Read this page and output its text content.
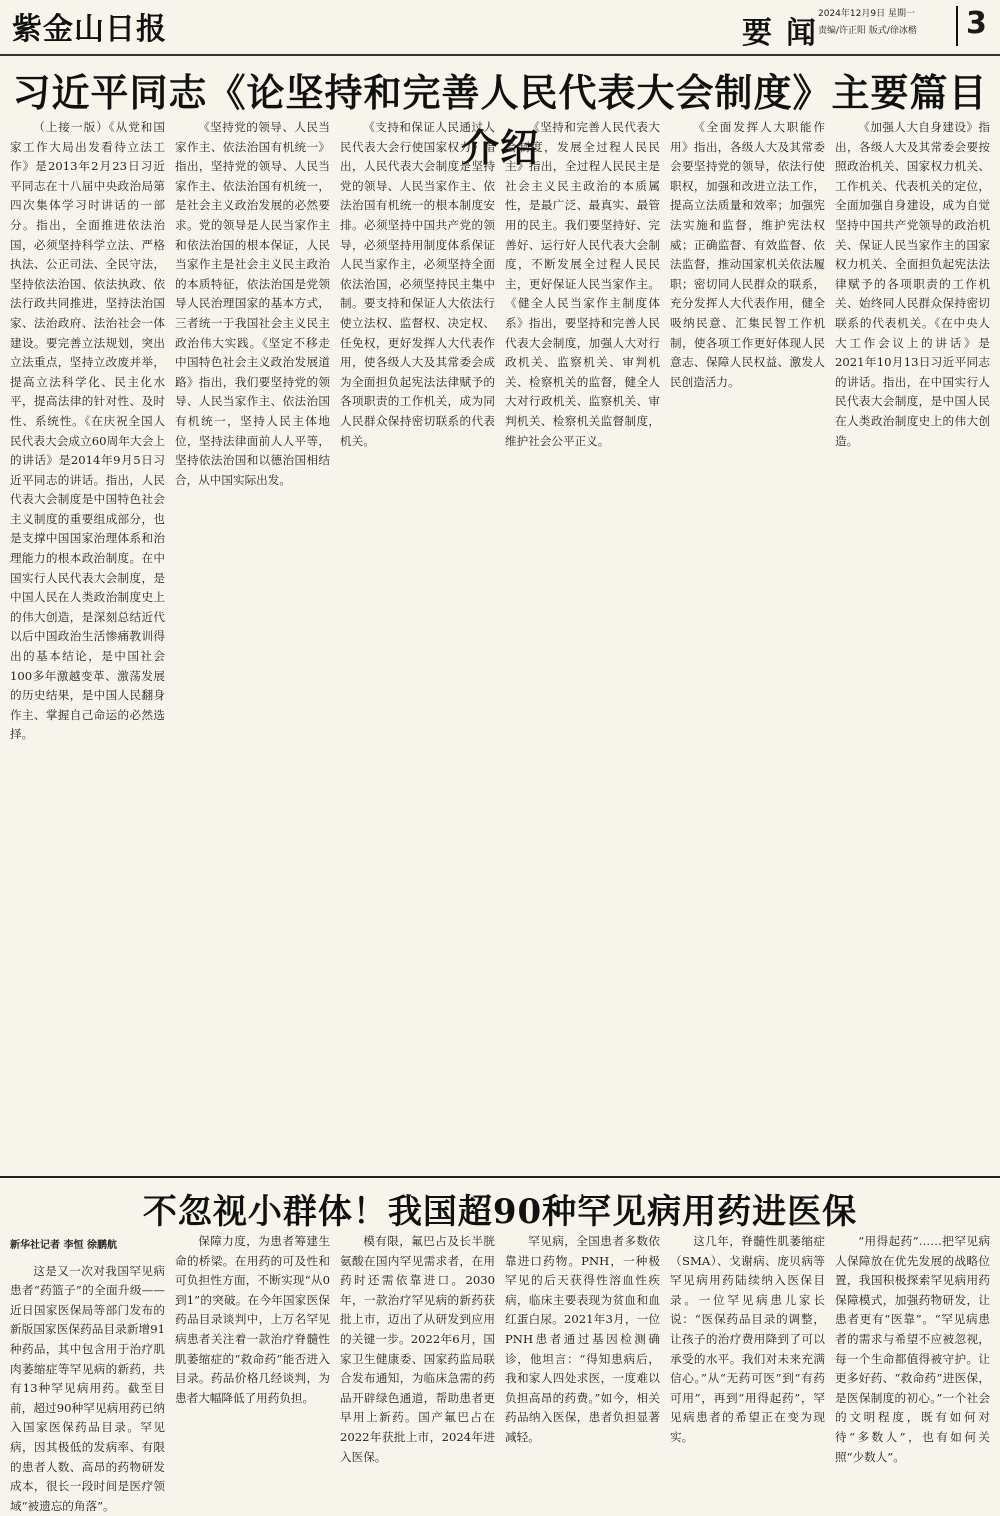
紫金山日报	要闻
2024年12月9日 星期一
责编/许正阳 版式/徐冰楷	3
习近平同志《论坚持和完善人民代表大会制度》主要篇目介绍

（上接一版）《从党和国家工作大局出发看待立法工作》是2013年2月23日习近平同志在十八届中央政治局第四次集体学习时讲话的一部分。指出，全面推进依法治国，必须坚持科学立法、严格执法、公正司法、全民守法，坚持依法治国、依法执政、依法行政共同推进，坚持法治国家、法治政府、法治社会一体建设。要完善立法规划，突出立法重点，坚持立改废并举，提高立法科学化、民主化水平，提高法律的针对性、及时性、系统性。《在庆祝全国人民代表大会成立60周年大会上的讲话》是2014年9月5日习近平同志的讲话。指出，人民代表大会制度是中国特色社会主义制度的重要组成部分，也是支撑中国国家治理体系和治理能力的根本政治制度。在中国实行人民代表大会制度，是中国人民在人类政治制度史上的伟大创造，是深刻总结近代以后中国政治生活惨痛教训得出的基本结论，是中国社会100多年激越变革、激荡发展的历史结果，是中国人民翻身作主、掌握自己命运的必然选择。

《坚持党的领导、人民当家作主、依法治国有机统一》指出，坚持党的领导、人民当家作主、依法治国有机统一，是社会主义政治发展的必然要求。党的领导是人民当家作主和依法治国的根本保证，人民当家作主是社会主义民主政治的本质特征，依法治国是党领导人民治理国家的基本方式，三者统一于我国社会主义民主政治伟大实践。《坚定不移走中国特色社会主义政治发展道路》指出，我们要坚持党的领导、人民当家作主、依法治国有机统一，坚持人民主体地位，坚持法律面前人人平等，坚持依法治国和以德治国相结合，从中国实际出发。

《支持和保证人民通过人民代表大会行使国家权力》指出，人民代表大会制度是坚持党的领导、人民当家作主、依法治国有机统一的根本制度安排。必须坚持中国共产党的领导，必须坚持用制度体系保证人民当家作主，必须坚持全面依法治国，必须坚持民主集中制。要支持和保证人大依法行使立法权、监督权、决定权、任免权，更好发挥人大代表作用，使各级人大及其常委会成为全面担负起宪法法律赋予的各项职责的工作机关，成为同人民群众保持密切联系的代表机关。

《坚持和完善人民代表大会制度，发展全过程人民民主》指出，全过程人民民主是社会主义民主政治的本质属性，是最广泛、最真实、最管用的民主。我们要坚持好、完善好、运行好人民代表大会制度，不断发展全过程人民民主，更好保证人民当家作主。《健全人民当家作主制度体系》指出，要坚持和完善人民代表大会制度，加强人大对行政机关、监察机关、审判机关、检察机关的监督，健全人大对行政机关、监察机关、审判机关、检察机关监督制度，维护社会公平正义。

《全面发挥人大职能作用》指出，各级人大及其常委会要坚持党的领导，依法行使职权，加强和改进立法工作，提高立法质量和效率；加强宪法实施和监督，维护宪法权威；正确监督、有效监督、依法监督，推动国家机关依法履职；密切同人民群众的联系，充分发挥人大代表作用，健全吸纳民意、汇集民智工作机制，使各项工作更好体现人民意志、保障人民权益、激发人民创造活力。

《加强人大自身建设》指出，各级人大及其常委会要按照政治机关、国家权力机关、工作机关、代表机关的定位，全面加强自身建设，成为自觉坚持中国共产党领导的政治机关、保证人民当家作主的国家权力机关、全面担负起宪法法律赋予的各项职责的工作机关、始终同人民群众保持密切联系的代表机关。《在中央人大工作会议上的讲话》是2021年10月13日习近平同志的讲话。指出，在中国实行人民代表大会制度，是中国人民在人类政治制度史上的伟大创造。

不忽视小群体！我国超90种罕见病用药进医保
新华社记者 李恒 徐鹏航

这是又一次对我国罕见病患者“药篮子”的全面升级——近日国家医保局等部门发布的新版国家医保药品目录新增91种药品，其中包含用于治疗肌肉萎缩症等罕见病的新药，共有13种罕见病用药。截至目前，超过90种罕见病用药已纳入国家医保药品目录。罕见病，因其极低的发病率、有限的患者人数、高昂的药物研发成本，很长一段时间是医疗领域“被遗忘的角落”。

保障力度，为患者筹建生命的桥梁。在用药的可及性和可负担性方面，不断实现“从0到1”的突破。在今年国家医保药品目录谈判中，上万名罕见病患者关注着一款治疗脊髓性肌萎缩症的“救命药”能否进入目录。药品价格几经谈判，为患者大幅降低了用药负担。

模有限，氟巴占及长半胱氨酸在国内罕见需求者，在用药时还需依靠进口。2030年，一款治疗罕见病的新药获批上市，迈出了从研发到应用的关键一步。2022年6月，国家卫生健康委、国家药监局联合发布通知，为临床急需的药品开辟绿色通道，帮助患者更早用上新药。国产氟巴占在2022年获批上市，2024年进入医保。

罕见病，全国患者多数依靠进口药物。PNH，一种极罕见的后天获得性溶血性疾病，临床主要表现为贫血和血红蛋白尿。2021年3月，一位PNH患者通过基因检测确诊，他坦言：“得知患病后，我和家人四处求医，一度难以负担高昂的药费。”如今，相关药品纳入医保，患者负担显著减轻。

这几年，脊髓性肌萎缩症（SMA）、戈谢病、庞贝病等罕见病用药陆续纳入医保目录。一位罕见病患儿家长说：“医保药品目录的调整，让孩子的治疗费用降到了可以承受的水平。我们对未来充满信心。”从“无药可医”到“有药可用”，再到“用得起药”，罕见病患者的希望正在变为现实。

“用得起药”……把罕见病人保障放在优先发展的战略位置，我国积极探索罕见病用药保障模式，加强药物研发，让患者更有“医靠”。“罕见病患者的需求与希望不应被忽视，每一个生命都值得被守护。让更多好药、“救命药”进医保，是医保制度的初心。”一个社会的文明程度，既有如何对待“多数人”，也有如何关照“少数人”。
